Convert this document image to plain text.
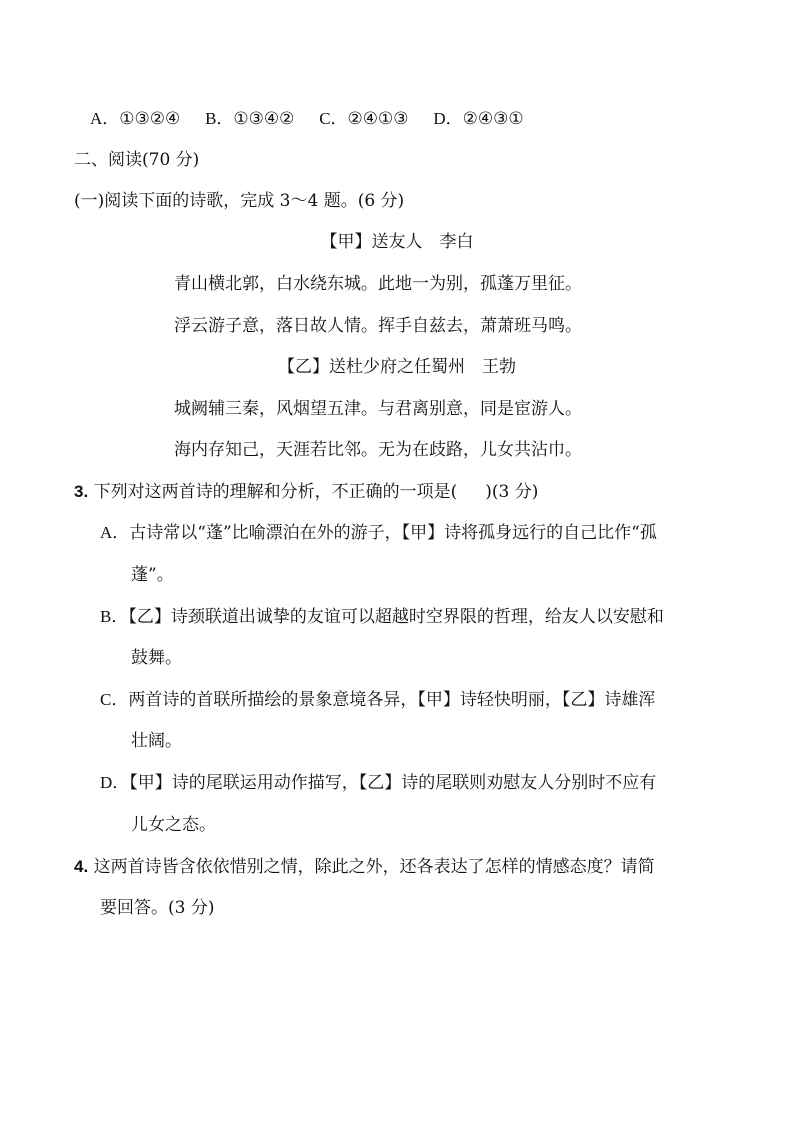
A．①③②④ B．①③④② C．②④①③ D．②④③①
二、阅读(70 分)
(一)阅读下面的诗歌，完成 3～4 题。(6 分)
【甲】送友人　李白
青山横北郭，白水绕东城。此地一为别，孤蓬万里征。
浮云游子意，落日故人情。挥手自兹去，萧萧班马鸣。
【乙】送杜少府之任蜀州　王勃
城阙辅三秦，风烟望五津。与君离别意，同是宦游人。
海内存知己，天涯若比邻。无为在歧路，儿女共沾巾。
3. 下列对这两首诗的理解和分析，不正确的一项是( )(3 分)
A．古诗常以“蓬”比喻漂泊在外的游子，【甲】诗将孤身远行的自己比作“孤
蓬”。
B．【乙】诗颈联道出诚挚的友谊可以超越时空界限的哲理，给友人以安慰和
鼓舞。
C．两首诗的首联所描绘的景象意境各异，【甲】诗轻快明丽，【乙】诗雄浑
壮阔。
D．【甲】诗的尾联运用动作描写，【乙】诗的尾联则劝慰友人分别时不应有
儿女之态。
4. 这两首诗皆含依依惜别之情，除此之外，还各表达了怎样的情感态度？请简
要回答。(3 分)
